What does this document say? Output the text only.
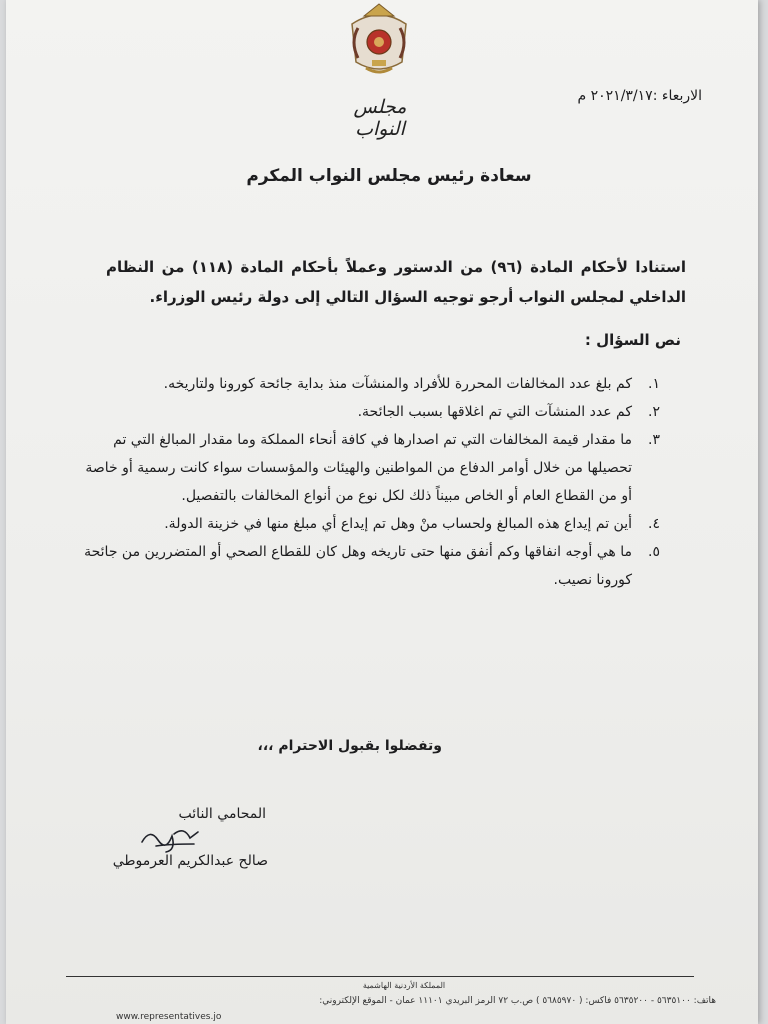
مجلس النواب
الاربعاء :٢٠٢١/٣/١٧ م
سعادة رئيس مجلس النواب المكرم
استنادا لأحكام المادة (٩٦) من الدستور وعملاً بأحكام المادة (١١٨) من النظام الداخلي لمجلس النواب أرجو توجيه السؤال التالي إلى دولة رئيس الوزراء.
نص السؤال :
١.
كم بلغ عدد المخالفات المحررة للأفراد والمنشآت منذ بداية جائحة كورونا ولتاريخه.
٢.
كم عدد المنشآت التي تم اغلاقها بسبب الجائحة.
٣.
ما مقدار قيمة المخالفات التي تم اصدارها في كافة أنحاء المملكة وما مقدار المبالغ التي تم تحصيلها من خلال أوامر الدفاع من المواطنين والهيئات والمؤسسات سواء كانت رسمية أو خاصة أو من القطاع العام أو الخاص مبيناً ذلك لكل نوع من أنواع المخالفات بالتفصيل.
٤.
أين تم إيداع هذه المبالغ ولحساب منْ وهل تم إيداع أي مبلغ منها في خزينة الدولة.
٥.
ما هي أوجه انفاقها وكم أنفق منها حتى تاريخه وهل كان للقطاع الصحي أو المتضررين من جائحة كورونا نصيب.
وتفضلوا بقبول الاحترام ،،،
المحامي النائب
صالح عبدالكريم العرموطي
المملكة الأردنية الهاشمية
هاتف: ٥٦٣٥١٠٠ - ٥٦٣٥٢٠٠ فاكس: ( ٥٦٨٥٩٧٠ ) ص.ب ٧٢ الرمز البريدي ١١١٠١ عمان - الموقع الإلكتروني:
www.representatives.jo
